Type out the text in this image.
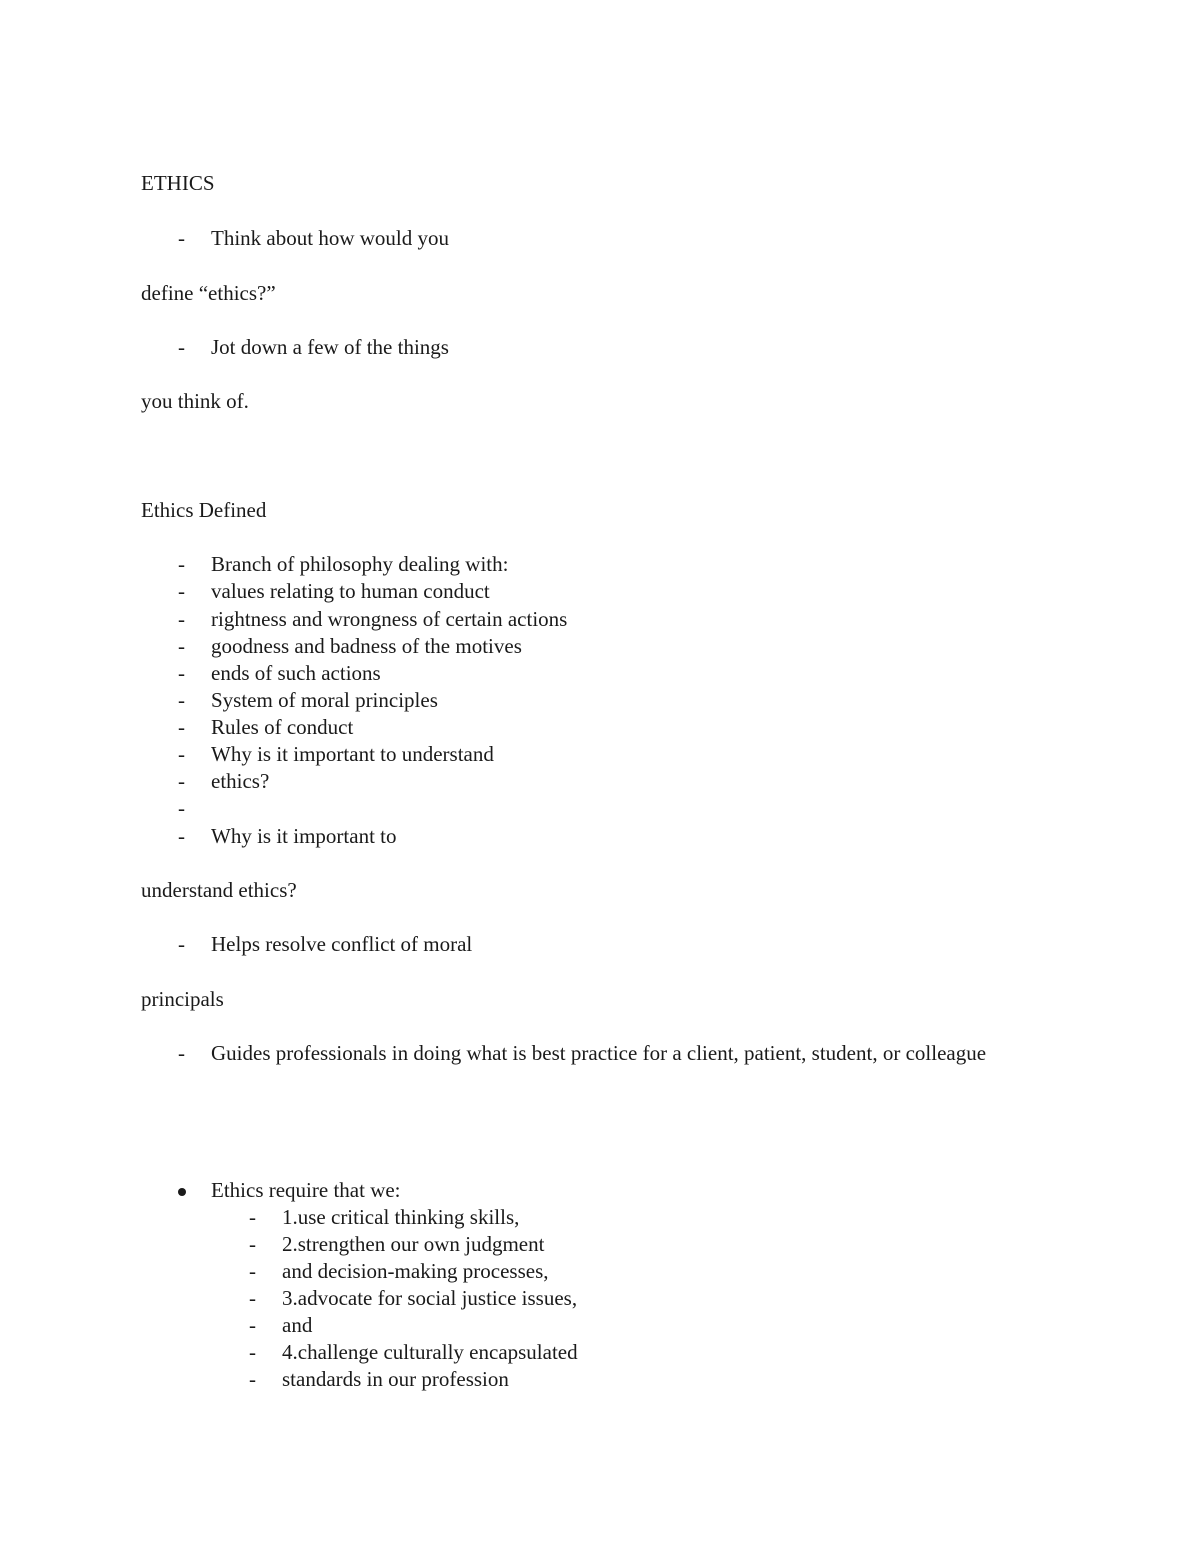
ETHICS
-	Think about how would you
define “ethics?”
-	Jot down a few of the things
you think of.
Ethics Defined
-	Branch of philosophy dealing with:
-	values relating to human conduct
-	rightness and wrongness of certain actions
-	goodness and badness of the motives
-	ends of such actions
-	System of moral principles
-	Rules of conduct
-	Why is it important to understand
-	ethics?
-
-	Why is it important to
understand ethics?
-	Helps resolve conflict of moral
principals
-	Guides professionals in doing what is best practice for a client, patient, student, or colleague
Ethics require that we:
-	1.use critical thinking skills,
-	2.strengthen our own judgment
-	and decision-making processes,
-	3.advocate for social justice issues,
-	and
-	4.challenge culturally encapsulated
-	standards in our profession
